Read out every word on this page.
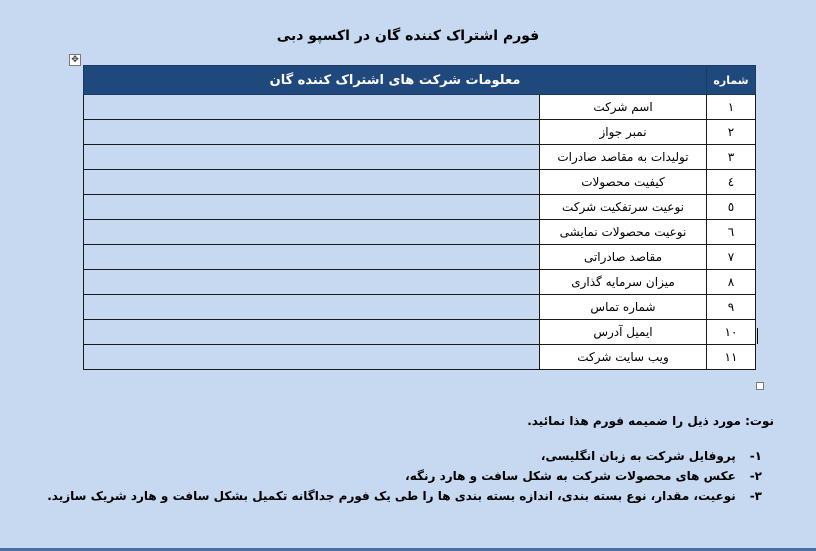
فورم اشتراک کننده گان در اکسپو دبی
✥
شماره	معلومات شرکت های اشتراک کننده گان	
١	اسم شرکت	
٢	نمبر جواز	
٣	تولیدات به مقاصد صادرات	
٤	کیفیت محصولات	
٥	نوعیت سرتفکیت شرکت	
٦	نوعیت محصولات نمایشی	
٧	مقاصد صادراتی	
٨	میزان سرمایه گذاری	
٩	شماره تماس	
١٠	ایمیل آدرس	
١١	ویب سایت شرکت	
نوت: مورد ذیل را ضمیمه فورم هذا نمائید.
١- پروفایل شرکت به زبان انگلیسی،
٢- عکس های محصولات شرکت به شکل سافت و هارد رنگه،
٣- نوعیت، مقدار، نوع بسته بندی، اندازه بسته بندی ها را طی یک فورم جداگانه تکمیل بشکل سافت و هارد شریک سازید.
